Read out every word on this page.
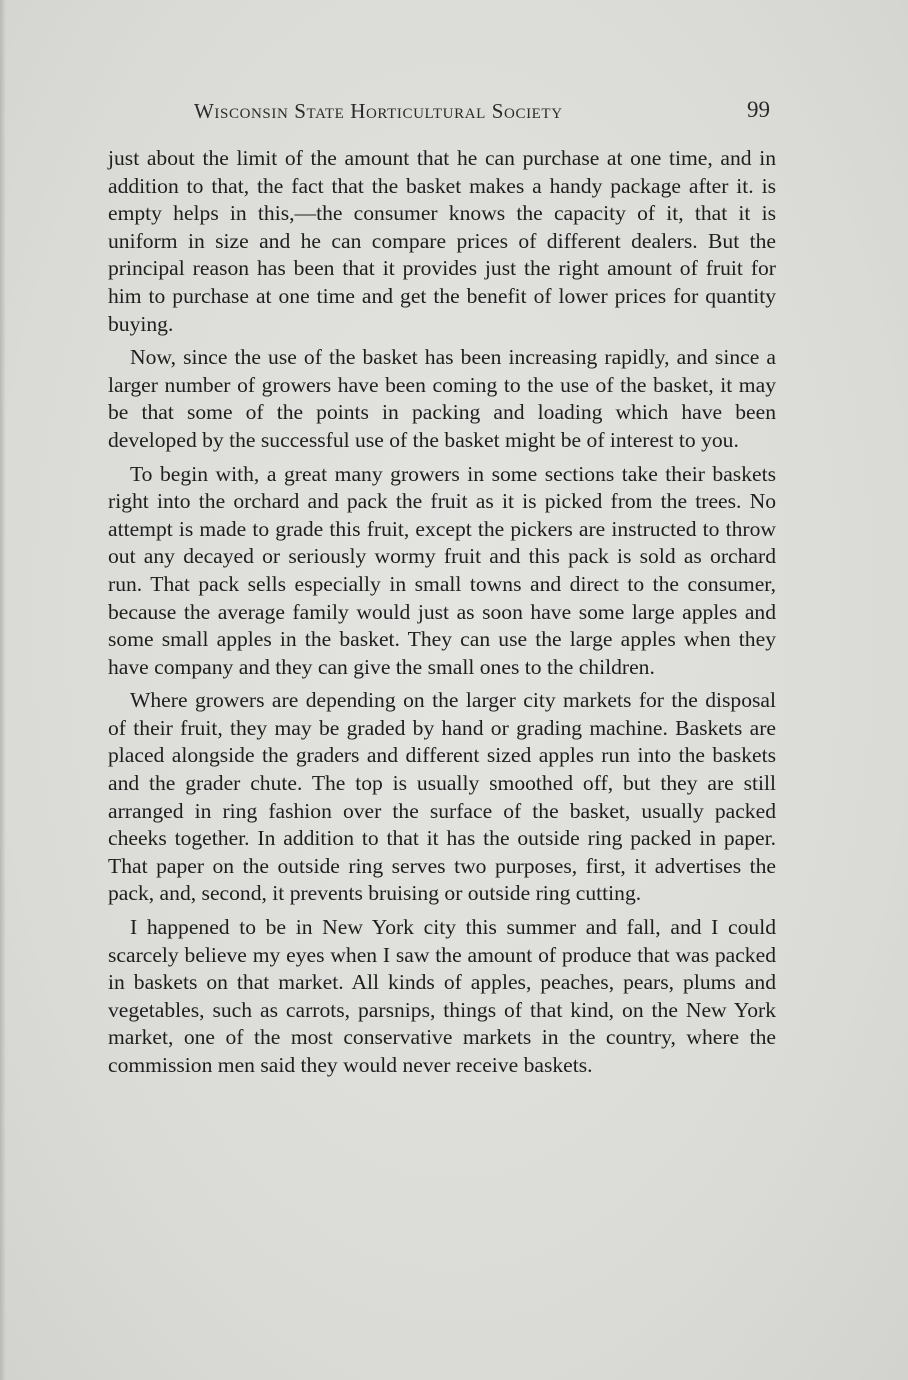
Wisconsin State Horticultural Society	99

just about the limit of the amount that he can purchase at one time, and in addition to that, the fact that the basket makes a handy package after it. is empty helps in this,—the consumer knows the capacity of it, that it is uniform in size and he can compare prices of different dealers. But the principal reason has been that it provides just the right amount of fruit for him to purchase at one time and get the benefit of lower prices for quantity buying.

Now, since the use of the basket has been increasing rapidly, and since a larger number of growers have been coming to the use of the basket, it may be that some of the points in packing and loading which have been developed by the successful use of the basket might be of interest to you.

To begin with, a great many growers in some sections take their baskets right into the orchard and pack the fruit as it is picked from the trees. No attempt is made to grade this fruit, except the pickers are instructed to throw out any decayed or seriously wormy fruit and this pack is sold as orchard run. That pack sells especially in small towns and direct to the consumer, because the average family would just as soon have some large apples and some small apples in the basket. They can use the large apples when they have company and they can give the small ones to the children.

Where growers are depending on the larger city markets for the disposal of their fruit, they may be graded by hand or grading machine. Baskets are placed alongside the graders and different sized apples run into the baskets and the grader chute. The top is usually smoothed off, but they are still arranged in ring fashion over the surface of the basket, usually packed cheeks together. In addition to that it has the outside ring packed in paper. That paper on the outside ring serves two purposes, first, it advertises the pack, and, second, it prevents bruising or outside ring cutting.

I happened to be in New York city this summer and fall, and I could scarcely believe my eyes when I saw the amount of produce that was packed in baskets on that market. All kinds of apples, peaches, pears, plums and vegetables, such as carrots, parsnips, things of that kind, on the New York market, one of the most conservative markets in the country, where the commission men said they would never receive baskets.
